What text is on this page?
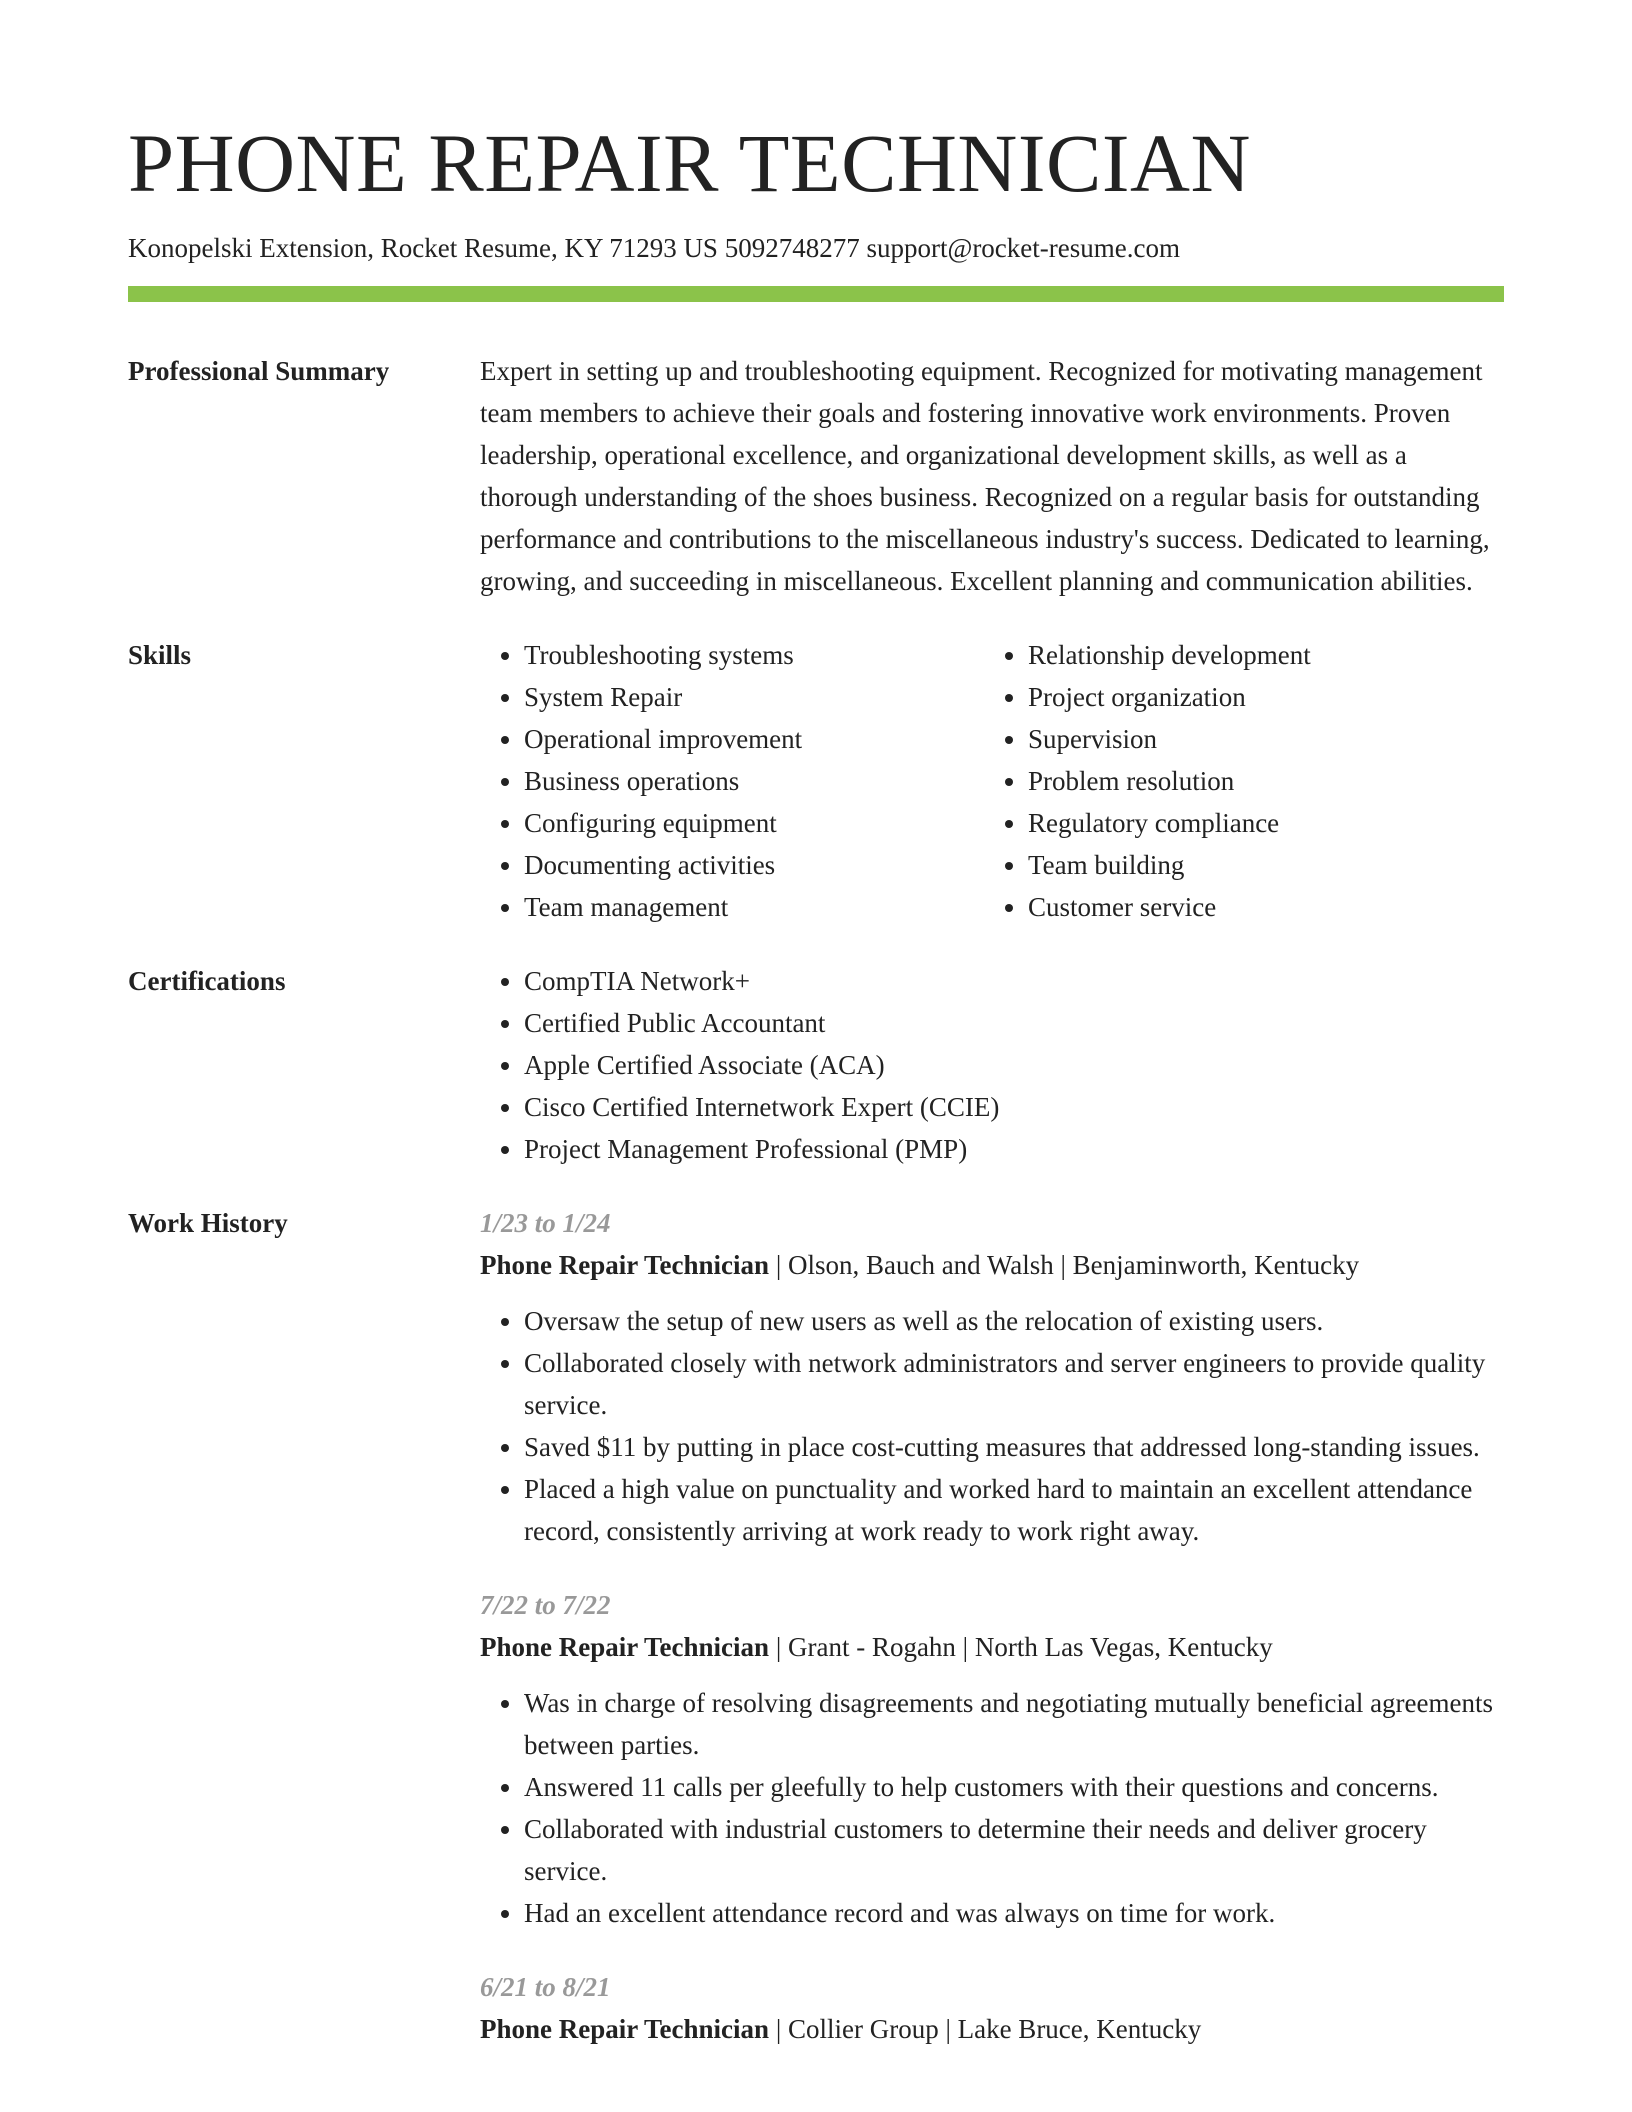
PHONE REPAIR TECHNICIAN

Konopelski Extension, Rocket Resume, KY 71293 US 5092748277 support@rocket-resume.com

Professional Summary	Expert in setting up and troubleshooting equipment. Recognized for motivating management team members to achieve their goals and fostering innovative work environments. Proven leadership, operational excellence, and organizational development skills, as well as a thorough understanding of the shoes business. Recognized on a regular basis for outstanding performance and contributions to the miscellaneous industry's success. Dedicated to learning, growing, and succeeding in miscellaneous. Excellent planning and communication abilities.

Skills	• Troubleshooting systems
• System Repair
• Operational improvement
• Business operations
• Configuring equipment
• Documenting activities
• Team management
• Relationship development
• Project organization
• Supervision
• Problem resolution
• Regulatory compliance
• Team building
• Customer service
Certifications	• CompTIA Network+
• Certified Public Accountant
• Apple Certified Associate (ACA)
• Cisco Certified Internetwork Expert (CCIE)
• Project Management Professional (PMP)
Work History	1/23 to 1/24

Phone Repair Technician | Olson, Bauch and Walsh | Benjaminworth, Kentucky

• Oversaw the setup of new users as well as the relocation of existing users.
• Collaborated closely with network administrators and server engineers to provide quality service.
• Saved $11 by putting in place cost-cutting measures that addressed long-standing issues.
• Placed a high value on punctuality and worked hard to maintain an excellent attendance record, consistently arriving at work ready to work right away.
7/22 to 7/22

Phone Repair Technician | Grant - Rogahn | North Las Vegas, Kentucky

• Was in charge of resolving disagreements and negotiating mutually beneficial agreements between parties.
• Answered 11 calls per gleefully to help customers with their questions and concerns.
• Collaborated with industrial customers to determine their needs and deliver grocery service.
• Had an excellent attendance record and was always on time for work.
6/21 to 8/21

Phone Repair Technician | Collier Group | Lake Bruce, Kentucky
